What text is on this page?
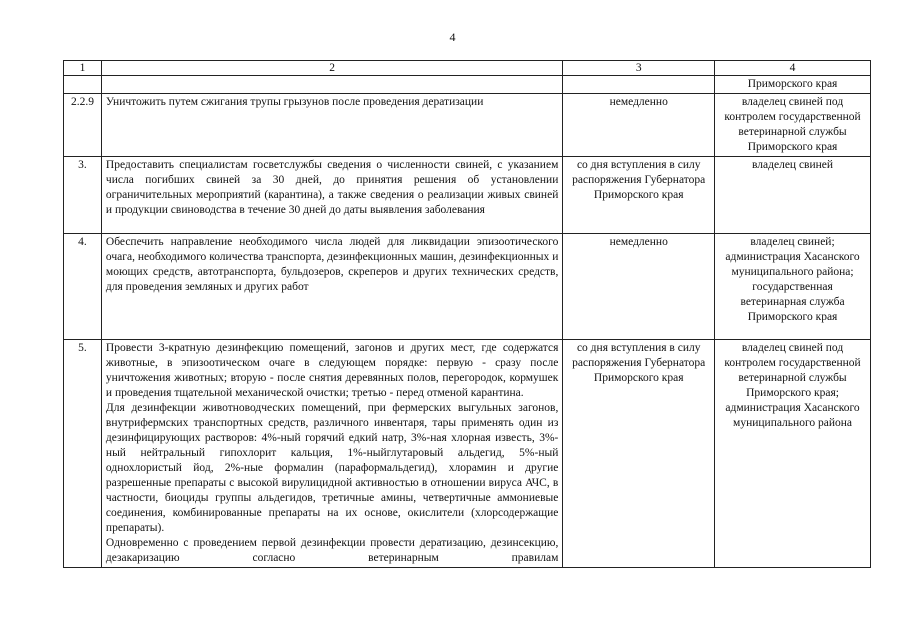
4
1	2	3	4
			Приморского края
2.2.9	Уничтожить путем сжигания трупы грызунов после проведения дератизации	немедленно	владелец свиней под контролем государственной ветеринарной службы Приморского края
3.	Предоставить специалистам госветслужбы сведения о численности свиней, с указанием числа погибших свиней за 30 дней, до принятия решения об установлении ограничительных мероприятий (карантина), а также сведения о реализации живых свиней и продукции свиноводства в течение 30 дней до даты выявления заболевания	со дня вступления в силу распоряжения Губернатора Приморского края	владелец свиней
4.	Обеспечить направление необходимого числа людей для ликвидации эпизоотического очага, необходимого количества транспорта, дезинфекционных машин, дезинфекционных и моющих средств, автотранспорта, бульдозеров, скреперов и других технических средств, для проведения земляных и других работ	немедленно	владелец свиней; администрация Хасанского муниципального района; государственная ветеринарная служба Приморского края
5.	Провести 3-кратную дезинфекцию помещений, загонов и других мест, где содержатся животные, в эпизоотическом очаге в следующем порядке: первую - сразу после уничтожения животных; вторую - после снятия деревянных полов, перегородок, кормушек и проведения тщательной механической очистки; третью - перед отменой карантина.
Для дезинфекции животноводческих помещений, при фермерских выгульных загонов, внутрифермских транспортных средств, различного инвентаря, тары применять один из дезинфицирующих растворов: 4%-ный горячий едкий натр, 3%-ная хлорная известь, 3%-ный нейтральный гипохлорит кальция, 1%-ныйглутаровый альдегид, 5%-ный однохлористый йод, 2%-ные формалин (параформальдегид), хлорамин и другие разрешенные препараты с высокой вирулицидной активностью в отношении вируса АЧС, в частности, биоциды группы альдегидов, третичные амины, четвертичные аммониевые соединения, комбинированные препараты на их основе, окислители (хлорсодержащие препараты).
Одновременно с проведением первой дезинфекции провести дератизацию, дезинсекцию, дезакаризацию согласно ветеринарным правилам	со дня вступления в силу распоряжения Губернатора Приморского края	владелец свиней под контролем государственной ветеринарной службы Приморского края; администрация Хасанского муниципального района
